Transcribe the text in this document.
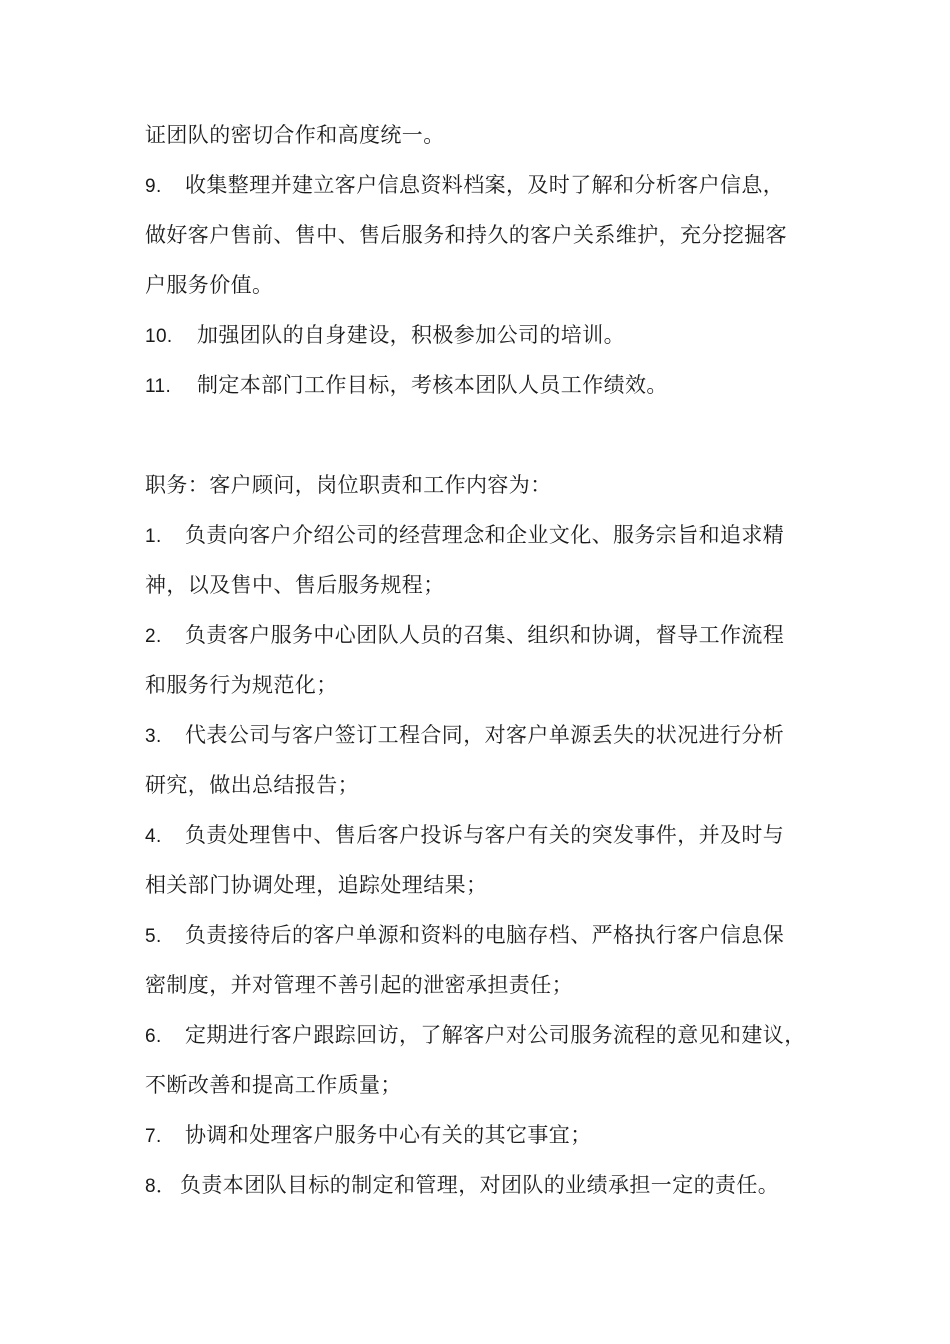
证团队的密切合作和高度统一。
9. 收集整理并建立客户信息资料档案，及时了解和分析客户信息，
做好客户售前、售中、售后服务和持久的客户关系维护，充分挖掘客
户服务价值。
10. 加强团队的自身建设，积极参加公司的培训。
11. 制定本部门工作目标，考核本团队人员工作绩效。
职务：客户顾问，岗位职责和工作内容为：
1. 负责向客户介绍公司的经营理念和企业文化、服务宗旨和追求精
神，以及售中、售后服务规程；
2. 负责客户服务中心团队人员的召集、组织和协调，督导工作流程
和服务行为规范化；
3. 代表公司与客户签订工程合同，对客户单源丢失的状况进行分析
研究，做出总结报告；
4. 负责处理售中、售后客户投诉与客户有关的突发事件，并及时与
相关部门协调处理，追踪处理结果；
5. 负责接待后的客户单源和资料的电脑存档、严格执行客户信息保
密制度，并对管理不善引起的泄密承担责任；
6. 定期进行客户跟踪回访，了解客户对公司服务流程的意见和建议，
不断改善和提高工作质量；
7. 协调和处理客户服务中心有关的其它事宜；
8． 负责本团队目标的制定和管理，对团队的业绩承担一定的责任。
